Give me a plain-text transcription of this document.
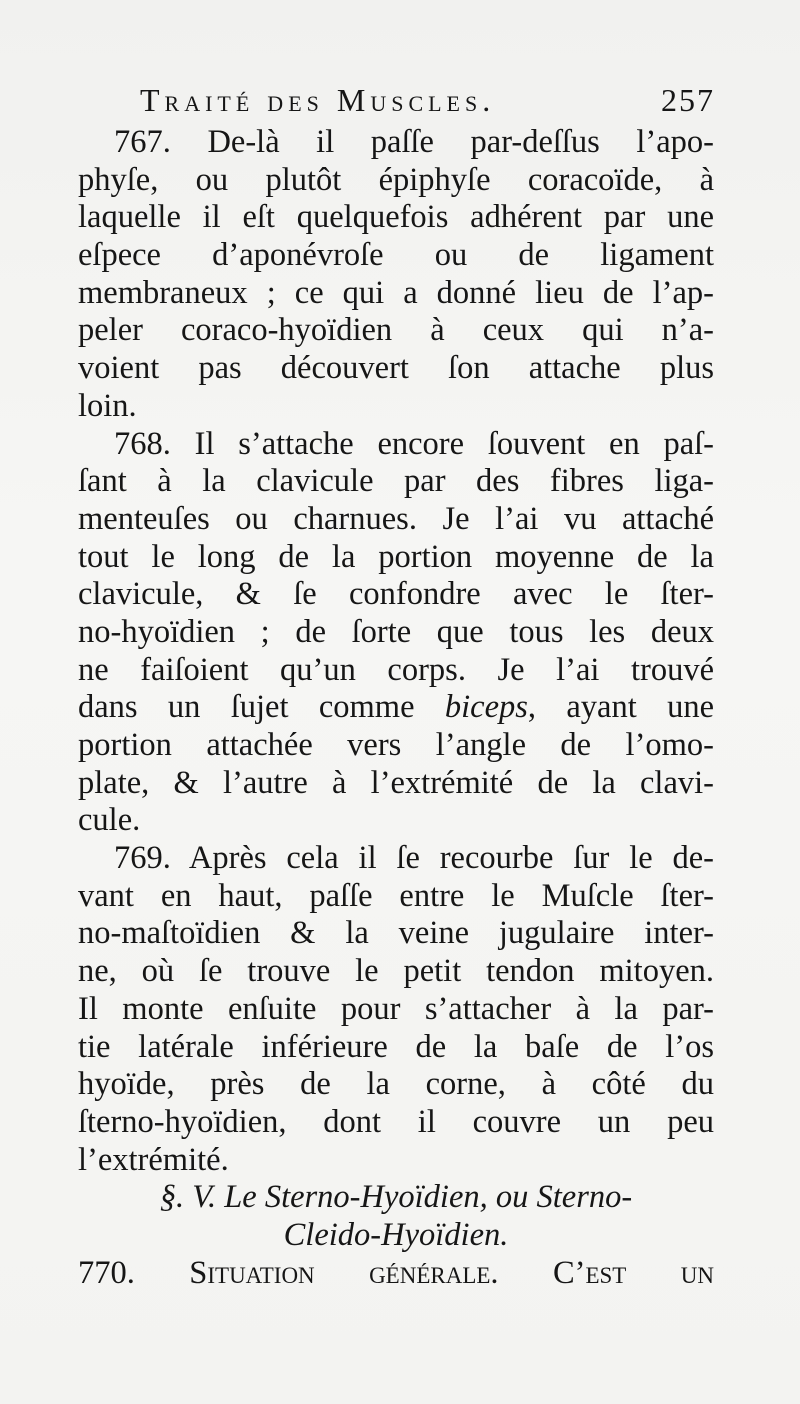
Traité des Muscles.	257
767. De-là il paſſe par-deſſus l’apo-
phyſe, ou plutôt épiphyſe coracoïde, à
laquelle il eſt quelquefois adhérent par une
eſpece d’aponévroſe ou de ligament
membraneux ; ce qui a donné lieu de l’ap-
peler coraco-hyoïdien à ceux qui n’a-
voient pas découvert ſon attache plus
loin.
768. Il s’attache encore ſouvent en paſ-
ſant à la clavicule par des fibres liga-
menteuſes ou charnues. Je l’ai vu attaché
tout le long de la portion moyenne de la
clavicule, & ſe confondre avec le ſter-
no-hyoïdien ; de ſorte que tous les deux
ne faiſoient qu’un corps. Je l’ai trouvé
dans un ſujet comme biceps, ayant une
portion attachée vers l’angle de l’omo-
plate, & l’autre à l’extrémité de la clavi-
cule.
769. Après cela il ſe recourbe ſur le de-
vant en haut, paſſe entre le Muſcle ſter-
no-maſtoïdien & la veine jugulaire inter-
ne, où ſe trouve le petit tendon mitoyen.
Il monte enſuite pour s’attacher à la par-
tie latérale inférieure de la baſe de l’os
hyoïde, près de la corne, à côté du
ſterno-hyoïdien, dont il couvre un peu
l’extrémité.
§. V. Le Sterno-Hyoïdien, ou Sterno-
Cleido-Hyoïdien.
770. Situation générale. C’eſt un
